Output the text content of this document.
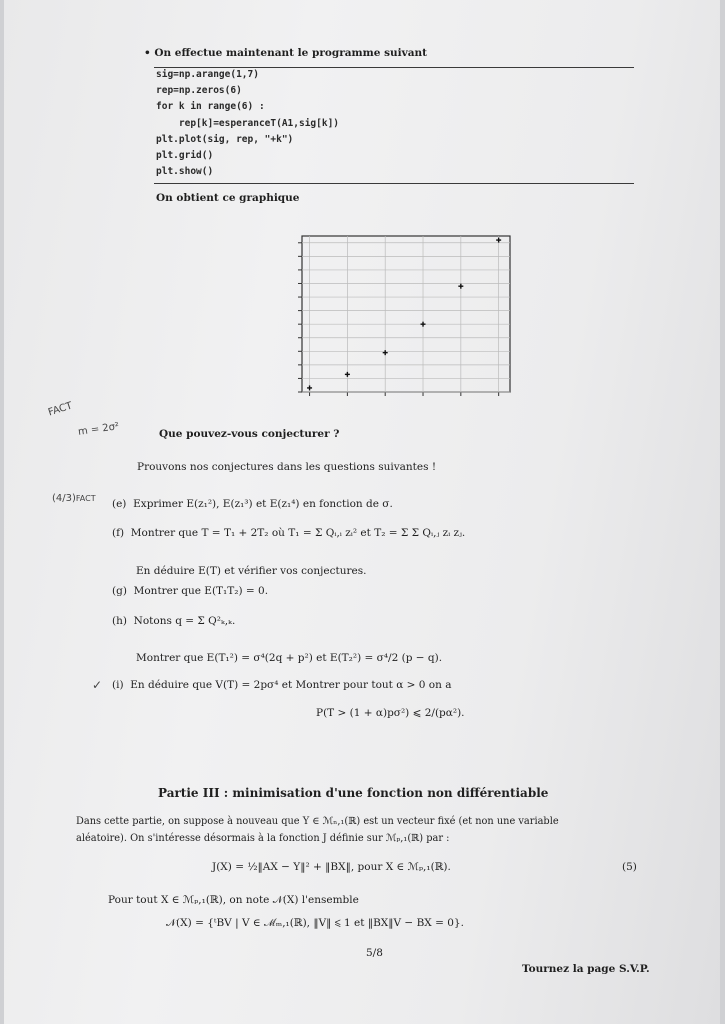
• On effectue maintenant le programme suivant
sig=np.arange(1,7)
rep=np.zeros(6)
for k in range(6) :
rep[k]=esperanceT(A1,sig[k])
plt.plot(sig, rep, "+k")
plt.grid()
plt.show()
On obtient ce graphique
FACT
m = 2σ²	Que pouvez-vous conjecturer ?
Prouvons nos conjectures dans les questions suivantes !
(4/3)FACT (e) Exprimer E(z₁²), E(z₁³) et E(z₁⁴) en fonction de σ.
(f) Montrer que T = T₁ + 2T₂ où T₁ = Σ Qᵢ,ᵢ zᵢ² et T₂ = Σ Σ Qᵢ,ⱼ zᵢ zⱼ.
En déduire E(T) et vérifier vos conjectures.
(g) Montrer que E(T₁T₂) = 0.
(h) Notons q = Σ Q²ₖ,ₖ.
Montrer que E(T₁²) = σ⁴(2q + p²) et E(T₂²) = σ⁴/2 (p − q).
✓ (i) En déduire que V(T) = 2pσ⁴ et Montrer pour tout α > 0 on a
P(T > (1 + α)pσ²) ⩽ 2/(pα²).
Partie III : minimisation d'une fonction non différentiable
Dans cette partie, on suppose à nouveau que Y ∈ ℳₙ,₁(ℝ) est un vecteur fixé (et non une variable
aléatoire). On s'intéresse désormais à la fonction J définie sur ℳₚ,₁(ℝ) par :
J(X) = ½‖AX − Y‖² + ‖BX‖, pour X ∈ ℳₚ,₁(ℝ).	(5)
Pour tout X ∈ ℳₚ,₁(ℝ), on note 𝒩(X) l'ensemble
𝒩(X) = {ᵗBV | V ∈ ℳₘ,₁(ℝ), ‖V‖ ⩽ 1 et ‖BX‖V − BX = 0}.
5/8
Tournez la page S.V.P.
